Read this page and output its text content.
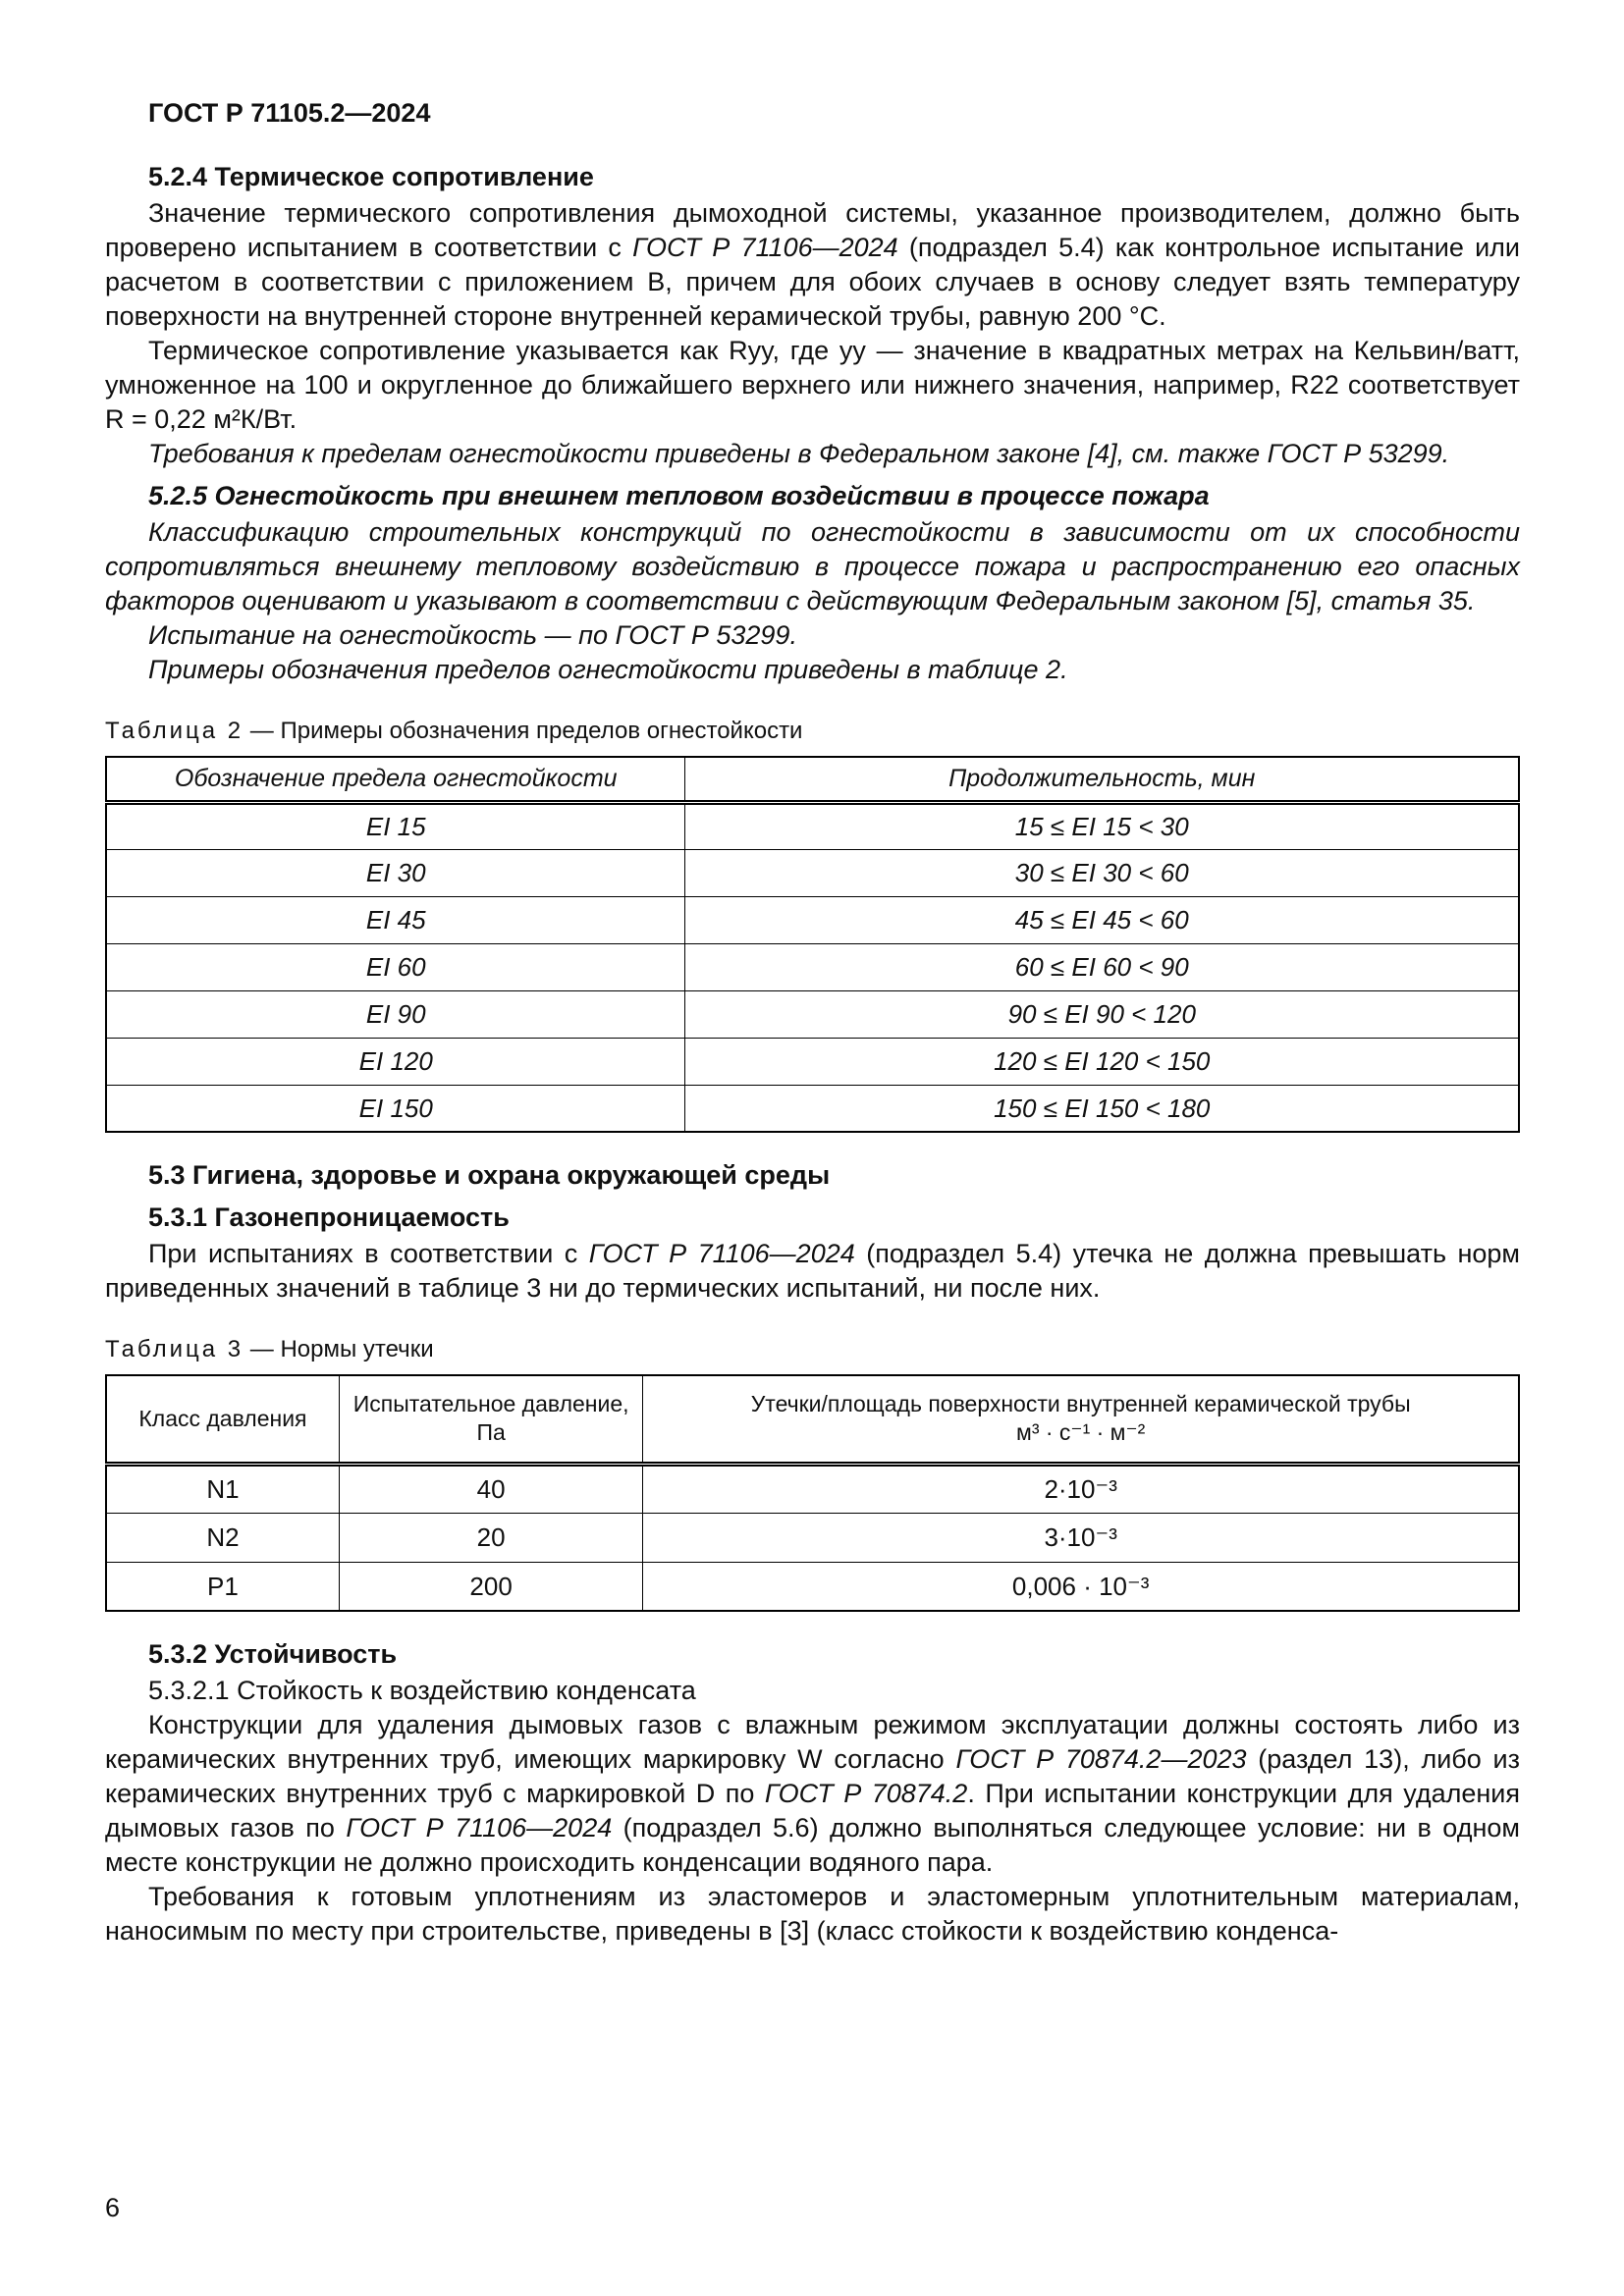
ГОСТ Р 71105.2—2024
5.2.4 Термическое сопротивление

Значение термического сопротивления дымоходной системы, указанное производителем, должно быть проверено испытанием в соответствии с ГОСТ Р 71106—2024 (подраздел 5.4) как контрольное испытание или расчетом в соответствии с приложением В, причем для обоих случаев в основу следует взять температуру поверхности на внутренней стороне внутренней керамической трубы, равную 200 °С.

Термическое сопротивление указывается как Ryy, где уу — значение в квадратных метрах на Кельвин/ватт, умноженное на 100 и округленное до ближайшего верхнего или нижнего значения, например, R22 соответствует R = 0,22 м²К/Вт.

Требования к пределам огнестойкости приведены в Федеральном законе [4], см. также ГОСТ Р 53299.

5.2.5 Огнестойкость при внешнем тепловом воздействии в процессе пожара

Классификацию строительных конструкций по огнестойкости в зависимости от их способности сопротивляться внешнему тепловому воздействию в процессе пожара и распространению его опасных факторов оценивают и указывают в соответствии с действующим Федеральным законом [5], статья 35.

Испытание на огнестойкость — по ГОСТ Р 53299.

Примеры обозначения пределов огнестойкости приведены в таблице 2.

Таблица 2 — Примеры обозначения пределов огнестойкости
Обозначение предела огнестойкости	Продолжительность, мин
EI 15	15 ≤ EI 15 < 30
EI 30	30 ≤ EI 30 < 60
EI 45	45 ≤ EI 45 < 60
EI 60	60 ≤ EI 60 < 90
EI 90	90 ≤ EI 90 < 120
EI 120	120 ≤ EI 120 < 150
EI 150	150 ≤ EI 150 < 180
5.3 Гигиена, здоровье и охрана окружающей среды
5.3.1 Газонепроницаемость

При испытаниях в соответствии с ГОСТ Р 71106—2024 (подраздел 5.4) утечка не должна превышать норм приведенных значений в таблице 3 ни до термических испытаний, ни после них.

Таблица 3 — Нормы утечки
Класс давления	Испытательное давление, Па	Утечки/площадь поверхности внутренней керамической трубы
м³ · с⁻¹ · м⁻²

N1	40	2·10⁻³
N2	20	3·10⁻³
P1	200	0,006 · 10⁻³
5.3.2 Устойчивость

5.3.2.1 Стойкость к воздействию конденсата

Конструкции для удаления дымовых газов с влажным режимом эксплуатации должны состоять либо из керамических внутренних труб, имеющих маркировку W согласно ГОСТ Р 70874.2—2023 (раздел 13), либо из керамических внутренних труб с маркировкой D по ГОСТ Р 70874.2. При испытании конструкции для удаления дымовых газов по ГОСТ Р 71106—2024 (подраздел 5.6) должно выполняться следующее условие: ни в одном месте конструкции не должно происходить конденсации водяного пара.

Требования к готовым уплотнениям из эластомеров и эластомерным уплотнительным материалам, наносимым по месту при строительстве, приведены в [3] (класс стойкости к воздействию конденса-

6
